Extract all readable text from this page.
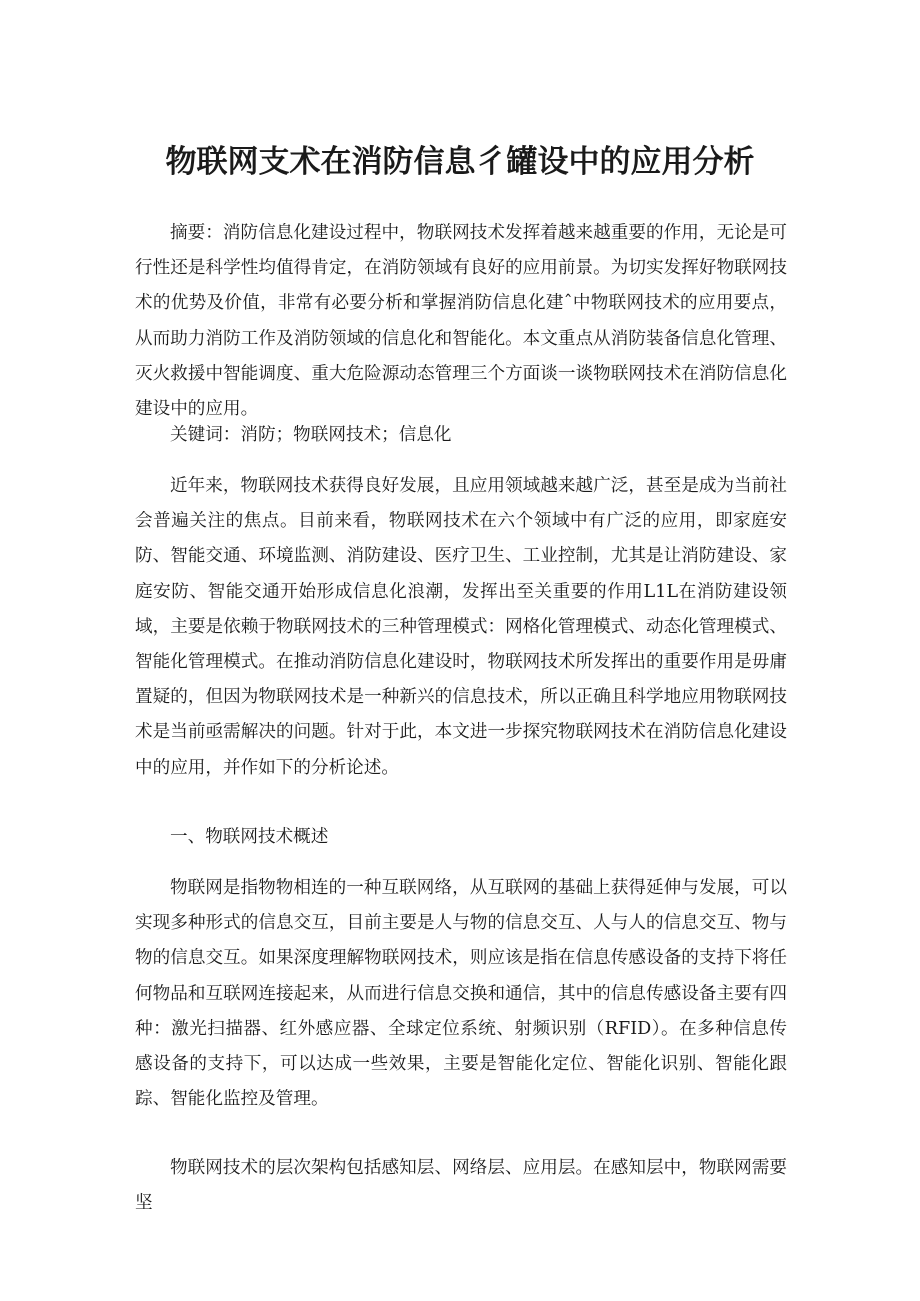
物联网支术在消防信息彳罐设中的应用分析

摘要：消防信息化建设过程中，物联网技术发挥着越来越重要的作用，无论是可行性还是科学性均值得肯定，在消防领域有良好的应用前景。为切实发挥好物联网技术的优势及价值，非常有必要分析和掌握消防信息化建ˆ中物联网技术的应用要点，从而助力消防工作及消防领域的信息化和智能化。本文重点从消防装备信息化管理、灭火救援中智能调度、重大危险源动态管理三个方面谈一谈物联网技术在消防信息化建设中的应用。

关键词：消防；物联网技术；信息化

近年来，物联网技术获得良好发展，且应用领域越来越广泛，甚至是成为当前社会普遍关注的焦点。目前来看，物联网技术在六个领域中有广泛的应用，即家庭安防、智能交通、环境监测、消防建设、医疗卫生、工业控制，尤其是让消防建设、家庭安防、智能交通开始形成信息化浪潮，发挥出至关重要的作用L1L在消防建设领域，主要是依赖于物联网技术的三种管理模式：网格化管理模式、动态化管理模式、智能化管理模式。在推动消防信息化建设时，物联网技术所发挥出的重要作用是毋庸置疑的，但因为物联网技术是一种新兴的信息技术，所以正确且科学地应用物联网技术是当前亟需解决的问题。针对于此，本文进一步探究物联网技术在消防信息化建设中的应用，并作如下的分析论述。

一、物联网技术概述

物联网是指物物相连的一种互联网络，从互联网的基础上获得延伸与发展，可以实现多种形式的信息交互，目前主要是人与物的信息交互、人与人的信息交互、物与物的信息交互。如果深度理解物联网技术，则应该是指在信息传感设备的支持下将任何物品和互联网连接起来，从而进行信息交换和通信，其中的信息传感设备主要有四种：激光扫描器、红外感应器、全球定位系统、射频识别（RFID）。在多种信息传感设备的支持下，可以达成一些效果，主要是智能化定位、智能化识别、智能化跟踪、智能化监控及管理。

物联网技术的层次架构包括感知层、网络层、应用层。在感知层中，物联网需要坚
